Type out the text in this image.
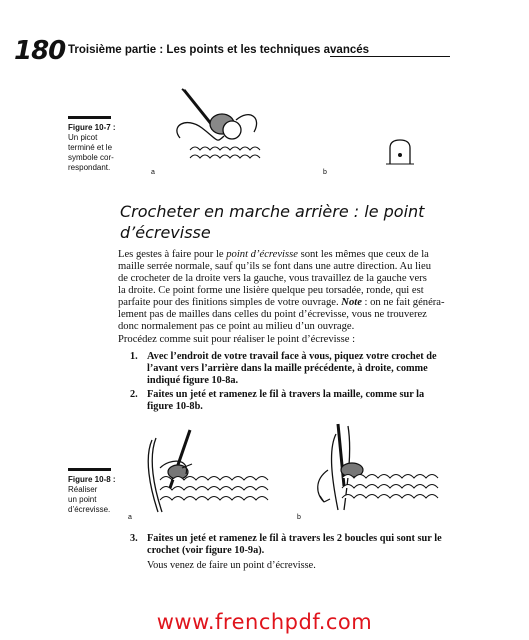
180 Troisième partie : Les points et les techniques avancés
Figure 10-7 :
Un picot
terminé et le
symbole cor-
respondant.
a	b
Crocheter en marche arrière : le point
d’écrevisse
Les gestes à faire pour le point d’écrevisse sont les mêmes que ceux de la
maille serrée normale, sauf qu’ils se font dans une autre direction. Au lieu
de crocheter de la droite vers la gauche, vous travaillez de la gauche vers
la droite. Ce point forme une lisière quelque peu torsadée, ronde, qui est
parfaite pour des finitions simples de votre ouvrage. Note : on ne fait généra-
lement pas de mailles dans celles du point d’écrevisse, vous ne trouverez
donc normalement pas ce point au milieu d’un ouvrage.
Procédez comme suit pour réaliser le point d’écrevisse :
1. Avec l’endroit de votre travail face à vous, piquez votre crochet de
l’avant vers l’arrière dans la maille précédente, à droite, comme
indiqué figure 10-8a.
2. Faites un jeté et ramenez le fil à travers la maille, comme sur la
figure 10-8b.
Figure 10-8 :
Réaliser
un point
d’écrevisse.
a	b
3. Faites un jeté et ramenez le fil à travers les 2 boucles qui sont sur le
crochet (voir figure 10-9a).
Vous venez de faire un point d’écrevisse.
www.frenchpdf.com
